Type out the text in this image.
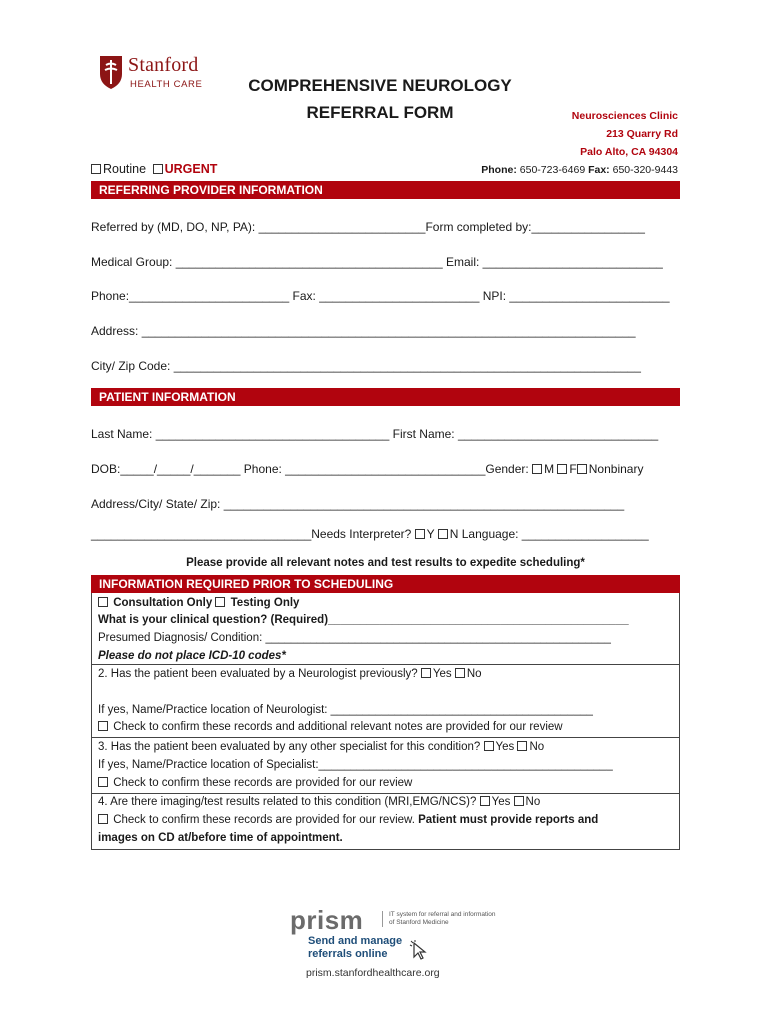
Stanford
HEALTH CARE	COMPREHENSIVE NEUROLOGY
REFERRAL FORM	Neurosciences Clinic
213 Quarry Rd
Palo Alto, CA 94304
Phone: 650-723-6469 Fax: 650-320-9443
Routine URGENT
REFERRING PROVIDER INFORMATION
Referred by (MD, DO, NP, PA): _________________________Form completed by:_________________
Medical Group: ________________________________________ Email: ___________________________
Phone:________________________ Fax: ________________________ NPI: ________________________
Address: __________________________________________________________________________
City/ Zip Code: ______________________________________________________________________
PATIENT INFORMATION
Last Name: ___________________________________ First Name: ______________________________
DOB:_____/_____/_______ Phone: ______________________________Gender: M F Nonbinary
Address/City/ State/ Zip: ____________________________________________________________
_________________________________Needs Interpreter? Y N Language: ___________________
Please provide all relevant notes and test results to expedite scheduling*
INFORMATION REQUIRED PRIOR TO SCHEDULING
Consultation Only Testing Only
What is your clinical question? (Required)_______________________________________________
Presumed Diagnosis/ Condition: ______________________________________________________
Please do not place ICD-10 codes*
2. Has the patient been evaluated by a Neurologist previously? Yes No
If yes, Name/Practice location of Neurologist: _________________________________________
Check to confirm these records and additional relevant notes are provided for our review
3. Has the patient been evaluated by any other specialist for this condition? Yes No
If yes, Name/Practice location of Specialist:______________________________________________
Check to confirm these records are provided for our review
4. Are there imaging/test results related to this condition (MRI,EMG/NCS)? Yes No
Check to confirm these records are provided for our review. Patient must provide reports and
images on CD at/before time of appointment.
prism	IT system for referral and information of Stanford Medicine
Send and manage
referrals online
prism.stanfordhealthcare.org
